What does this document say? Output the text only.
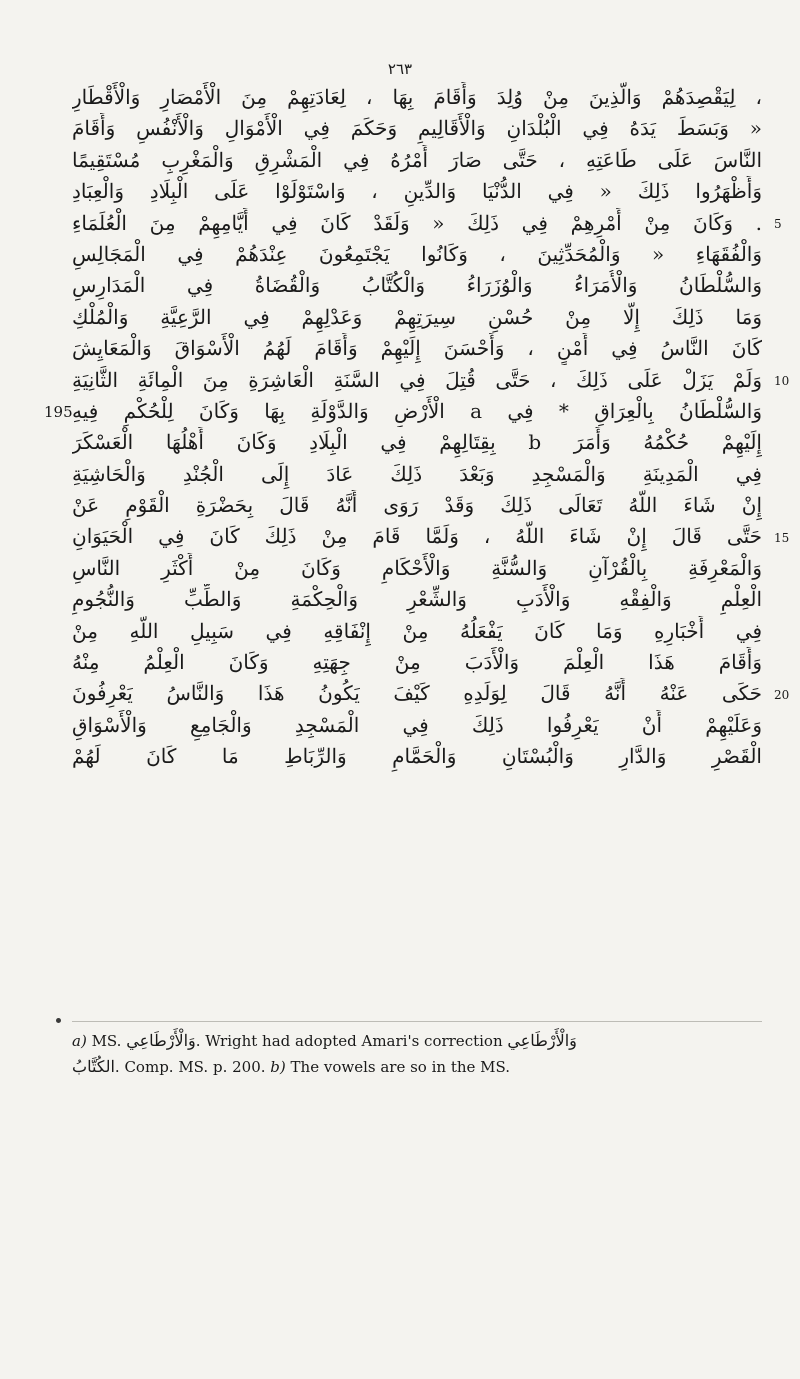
٢٦٣
، لِيَقْصِدَهُمْ وَالَّذِينَ مِنْ وُلِدَ وَأَقَامَ بِهَا ، لِعَادَتِهِمْ مِنَ الْأَمْصَارِ وَالْأَقْطَارِ
« وَبَسَطَ يَدَهُ فِي الْبُلْدَانِ وَالْأَقَالِيمِ وَحَكَمَ فِي الْأَمْوَالِ وَالْأَنْفُسِ وَأَقَامَ
النَّاسَ عَلَى طَاعَتِهِ ، حَتَّى صَارَ أَمْرُهُ فِي الْمَشْرِقِ وَالْمَغْرِبِ مُسْتَقِيمًا
وَأَظْهَرُوا ذَلِكَ « فِي الدُّنْيَا وَالدِّينِ ، وَاسْتَوْلَوْا عَلَى الْبِلَادِ وَالْعِبَادِ
. وَكَانَ مِنْ أَمْرِهِمْ فِي ذَلِكَ « وَلَقَدْ كَانَ فِي أَيَّامِهِمْ مِنَ الْعُلَمَاءِ
وَالْفُقَهَاءِ « وَالْمُحَدِّثِينَ ، وَكَانُوا يَجْتَمِعُونَ عِنْدَهُمْ فِي الْمَجَالِسِ
وَالسُّلْطَانُ وَالْأُمَرَاءُ وَالْوُزَرَاءُ وَالْكُتَّابُ وَالْقُضَاةُ فِي الْمَدَارِسِ
وَمَا ذَلِكَ إِلَّا مِنْ حُسْنِ سِيرَتِهِمْ وَعَدْلِهِمْ فِي الرَّعِيَّةِ وَالْمُلْكِ
كَانَ النَّاسُ فِي أَمْنٍ ، وَأَحْسَنَ إِلَيْهِمْ وَأَقَامَ لَهُمُ الْأَسْوَاقَ وَالْمَعَايِشَ
وَلَمْ يَزَلْ عَلَى ذَلِكَ ، حَتَّى قُتِلَ فِي السَّنَةِ الْعَاشِرَةِ مِنَ الْمِائَةِ الثَّانِيَةِ
وَالسُّلْطَانُ بِالْعِرَاقِ * فِي a الْأَرْضِ وَالدَّوْلَةِ بِهَا وَكَانَ لِلْحُكْمِ فِيهِ
إِلَيْهِمْ حُكْمُهُ وَأَمَرَ b بِقِتَالِهِمْ فِي الْبِلَادِ وَكَانَ أَهْلُهَا الْعَسْكَرَ
فِي الْمَدِينَةِ وَالْمَسْجِدِ وَبَعْدَ ذَلِكَ عَادَ إِلَى الْجُنْدِ وَالْحَاشِيَةِ
إِنْ شَاءَ اللَّهُ تَعَالَى ذَلِكَ وَقَدْ رَوَى أَنَّهُ قَالَ بِحَضْرَةِ الْقَوْمِ عَنْ
حَتَّى قَالَ إِنْ شَاءَ اللَّهُ ، وَلَمَّا قَامَ مِنْ ذَلِكَ كَانَ فِي الْحَيَوَانِ
وَالْمَعْرِفَةِ بِالْقُرْآنِ وَالسُّنَّةِ وَالْأَحْكَامِ وَكَانَ مِنْ أَكْثَرِ النَّاسِ
الْعِلْمِ وَالْفِقْهِ وَالْأَدَبِ وَالشِّعْرِ وَالْحِكْمَةِ وَالطِّبِّ وَالنُّجُومِ
فِي أَخْبَارِهِ وَمَا كَانَ يَفْعَلُهُ مِنْ إِنْفَاقِهِ فِي سَبِيلِ اللَّهِ مِنْ
وَأَقَامَ هَذَا الْعِلْمَ وَالْأَدَبَ مِنْ جِهَتِهِ وَكَانَ الْعِلْمُ مِنْهُ
حَكَى عَنْهُ أَنَّهُ قَالَ لِوَلَدِهِ كَيْفَ يَكُونُ هَذَا وَالنَّاسُ يَعْرِفُونَ
وَعَلَيْهِمْ أَنْ يَعْرِفُوا ذَلِكَ فِي الْمَسْجِدِ وَالْجَامِعِ وَالْأَسْوَاقِ
الْقَصْرِ وَالدَّارِ وَالْبُسْتَانِ وَالْحَمَّامِ وَالرِّبَاطِ مَا كَانَ لَهُمْ
5
10
15
20
195
a) MS. وَالْأَرْطَاعِي. Wright had adopted Amari's correction وَالْأَرْطَاعِي
الكُتَّابُ. Comp. MS. p. 200. b) The vowels are so in the MS.
